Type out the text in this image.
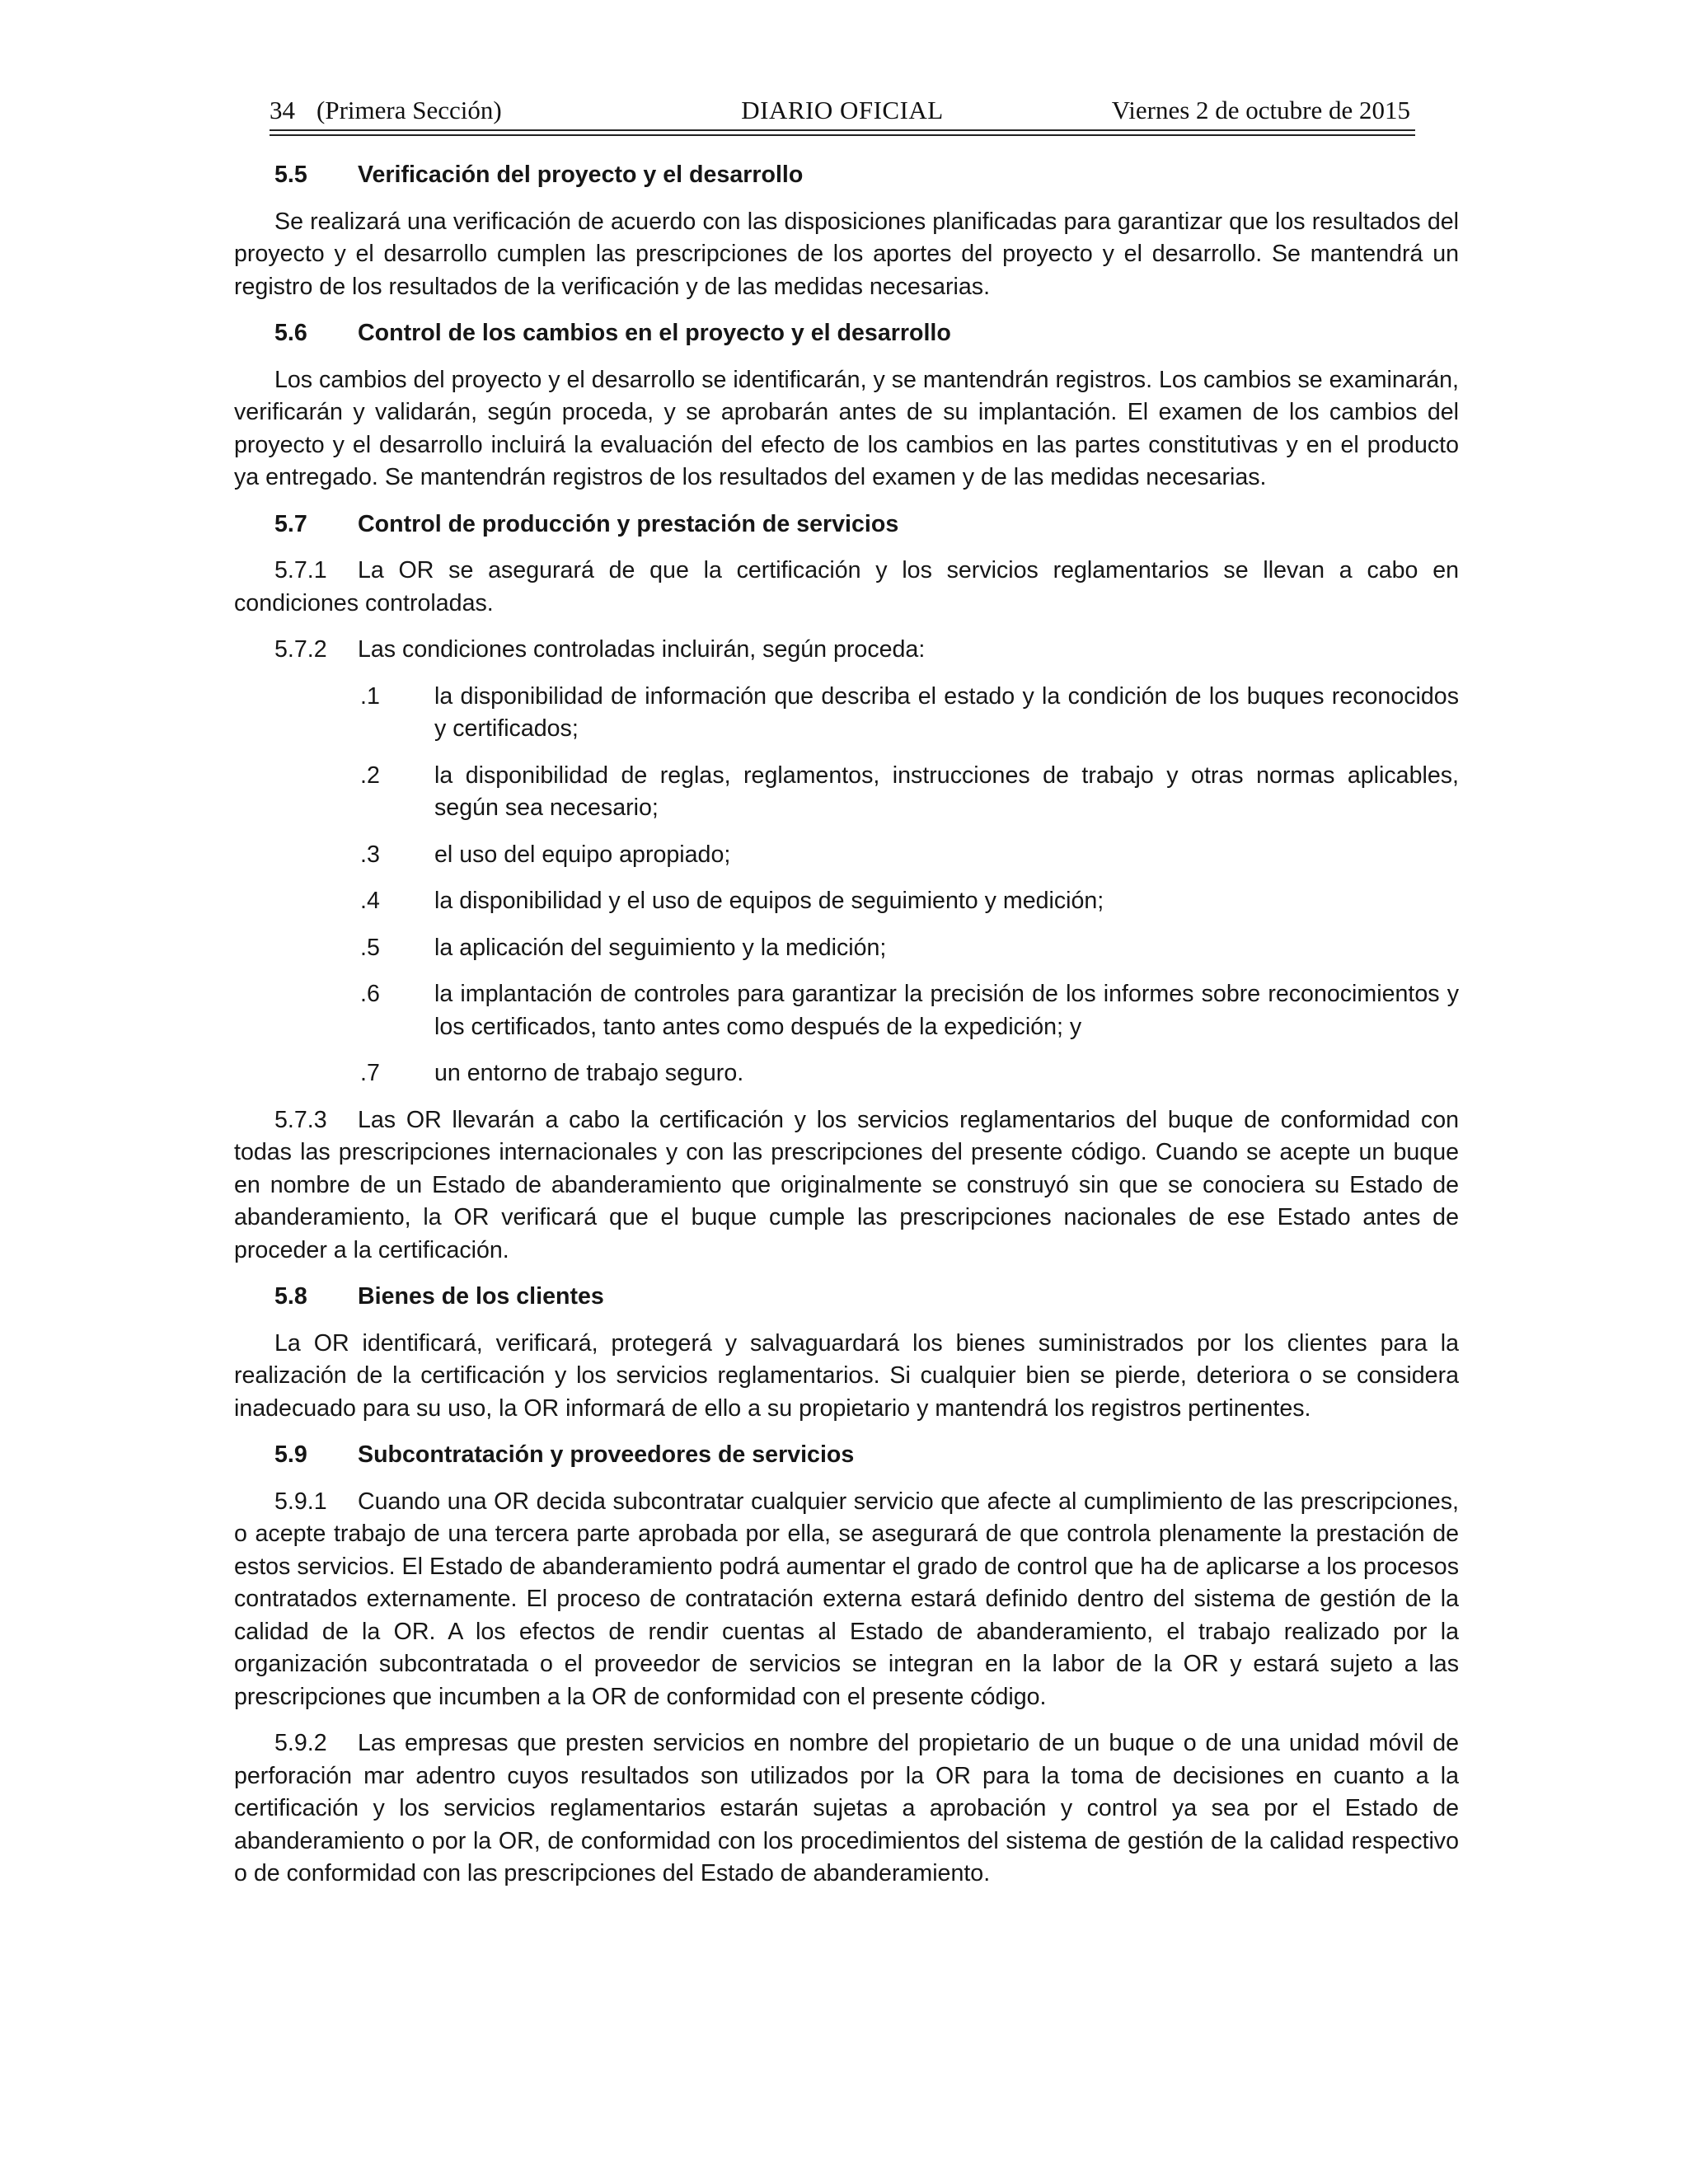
34 (Primera Sección)	DIARIO OFICIAL	Viernes 2 de octubre de 2015
5.5 Verificación del proyecto y el desarrollo
Se realizará una verificación de acuerdo con las disposiciones planificadas para garantizar que los resultados del proyecto y el desarrollo cumplen las prescripciones de los aportes del proyecto y el desarrollo. Se mantendrá un registro de los resultados de la verificación y de las medidas necesarias.
5.6 Control de los cambios en el proyecto y el desarrollo
Los cambios del proyecto y el desarrollo se identificarán, y se mantendrán registros. Los cambios se examinarán, verificarán y validarán, según proceda, y se aprobarán antes de su implantación. El examen de los cambios del proyecto y el desarrollo incluirá la evaluación del efecto de los cambios en las partes constitutivas y en el producto ya entregado. Se mantendrán registros de los resultados del examen y de las medidas necesarias.
5.7 Control de producción y prestación de servicios
5.7.1 La OR se asegurará de que la certificación y los servicios reglamentarios se llevan a cabo en condiciones controladas.
5.7.2 Las condiciones controladas incluirán, según proceda:
.1 la disponibilidad de información que describa el estado y la condición de los buques reconocidos y certificados;
.2 la disponibilidad de reglas, reglamentos, instrucciones de trabajo y otras normas aplicables, según sea necesario;
.3 el uso del equipo apropiado;
.4 la disponibilidad y el uso de equipos de seguimiento y medición;
.5 la aplicación del seguimiento y la medición;
.6 la implantación de controles para garantizar la precisión de los informes sobre reconocimientos y los certificados, tanto antes como después de la expedición; y
.7 un entorno de trabajo seguro.
5.7.3 Las OR llevarán a cabo la certificación y los servicios reglamentarios del buque de conformidad con todas las prescripciones internacionales y con las prescripciones del presente código. Cuando se acepte un buque en nombre de un Estado de abanderamiento que originalmente se construyó sin que se conociera su Estado de abanderamiento, la OR verificará que el buque cumple las prescripciones nacionales de ese Estado antes de proceder a la certificación.
5.8 Bienes de los clientes
La OR identificará, verificará, protegerá y salvaguardará los bienes suministrados por los clientes para la realización de la certificación y los servicios reglamentarios. Si cualquier bien se pierde, deteriora o se considera inadecuado para su uso, la OR informará de ello a su propietario y mantendrá los registros pertinentes.
5.9 Subcontratación y proveedores de servicios
5.9.1 Cuando una OR decida subcontratar cualquier servicio que afecte al cumplimiento de las prescripciones, o acepte trabajo de una tercera parte aprobada por ella, se asegurará de que controla plenamente la prestación de estos servicios. El Estado de abanderamiento podrá aumentar el grado de control que ha de aplicarse a los procesos contratados externamente. El proceso de contratación externa estará definido dentro del sistema de gestión de la calidad de la OR. A los efectos de rendir cuentas al Estado de abanderamiento, el trabajo realizado por la organización subcontratada o el proveedor de servicios se integran en la labor de la OR y estará sujeto a las prescripciones que incumben a la OR de conformidad con el presente código.
5.9.2 Las empresas que presten servicios en nombre del propietario de un buque o de una unidad móvil de perforación mar adentro cuyos resultados son utilizados por la OR para la toma de decisiones en cuanto a la certificación y los servicios reglamentarios estarán sujetas a aprobación y control ya sea por el Estado de abanderamiento o por la OR, de conformidad con los procedimientos del sistema de gestión de la calidad respectivo o de conformidad con las prescripciones del Estado de abanderamiento.
